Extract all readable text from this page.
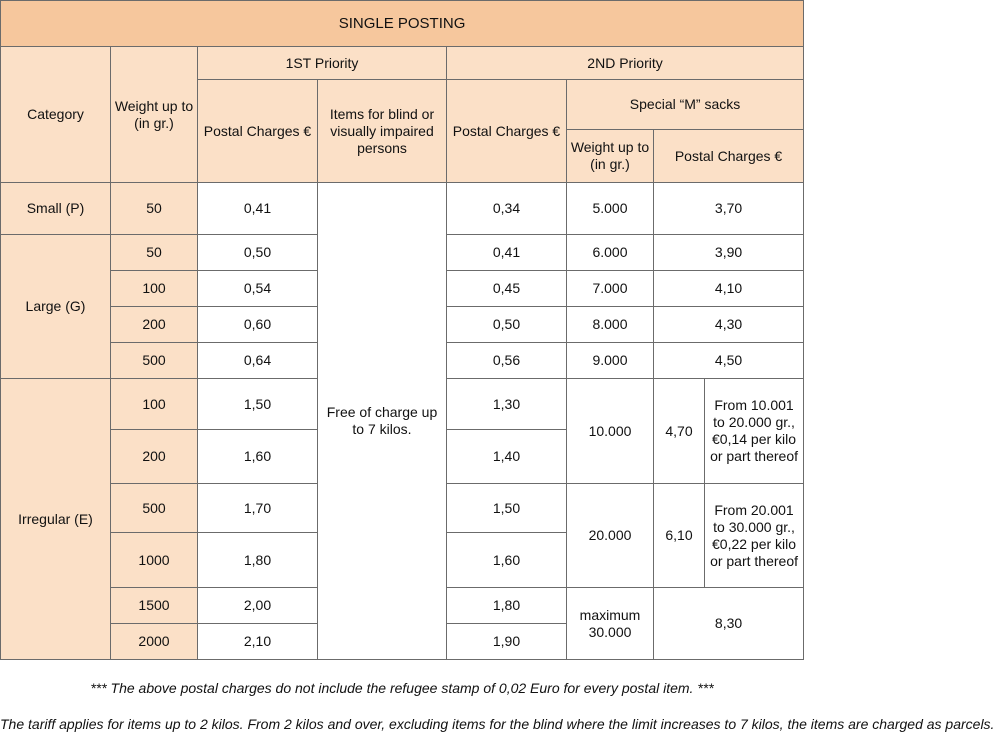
SINGLE POSTING							
Category	Weight up to (in gr.)	1ST Priority		2ND Priority			
		Postal Charges €	Items for blind or visually impaired persons	Postal Charges €	Special “M” sacks		
					Weight up to (in gr.)	Postal Charges €	
Small (P)	50	0,41	Free of charge up to 7 kilos.	0,34	5.000	3,70	
Large (G)	50	0,50		0,41	6.000	3,90	
	100	0,54		0,45	7.000	4,10	
	200	0,60		0,50	8.000	4,30	
	500	0,64		0,56	9.000	4,50	
Irregular (E)	100	1,50		1,30	10.000	4,70	From 10.001 to 20.000 gr., €0,14 per kilo or part thereof
	200	1,60		1,40			
	500	1,70		1,50	20.000	6,10	From 20.001 to 30.000 gr., €0,22 per kilo or part thereof
	1000	1,80		1,60			
	1500	2,00		1,80	maximum 30.000	8,30	
	2000	2,10		1,90			
*** The above postal charges do not include the refugee stamp of 0,02 Euro for every postal item. ***
The tariff applies for items up to 2 kilos. From 2 kilos and over, excluding items for the blind where the limit increases to 7 kilos, the items are charged as parcels.
